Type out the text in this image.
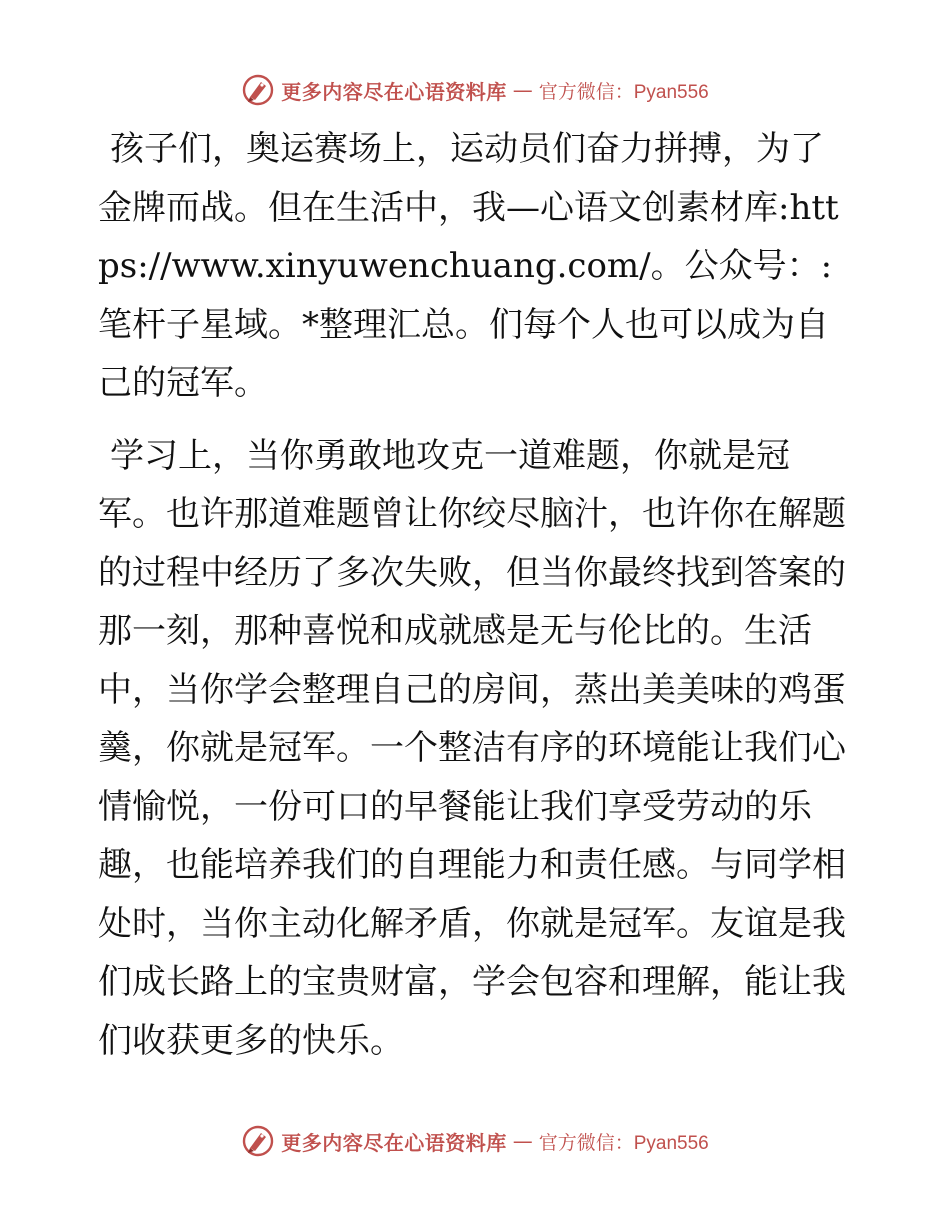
更多内容尽在心语资料库 — 官方微信：Pyan556

孩子们，奥运赛场上，运动员们奋力拼搏，为了金牌而战。但在生活中，我—心语文创素材库:https://www.xinyuwenchuang.com/。公众号：:笔杆子星域。*整理汇总。们每个人也可以成为自己的冠军。

学习上，当你勇敢地攻克一道难题，你就是冠军。也许那道难题曾让你绞尽脑汁，也许你在解题的过程中经历了多次失败，但当你最终找到答案的那一刻，那种喜悦和成就感是无与伦比的。生活中，当你学会整理自己的房间，蒸出美美味的鸡蛋羹，你就是冠军。一个整洁有序的环境能让我们心情愉悦，一份可口的早餐能让我们享受劳动的乐趣，也能培养我们的自理能力和责任感。与同学相处时，当你主动化解矛盾，你就是冠军。友谊是我们成长路上的宝贵财富，学会包容和理解，能让我们收获更多的快乐。

更多内容尽在心语资料库 — 官方微信：Pyan556
